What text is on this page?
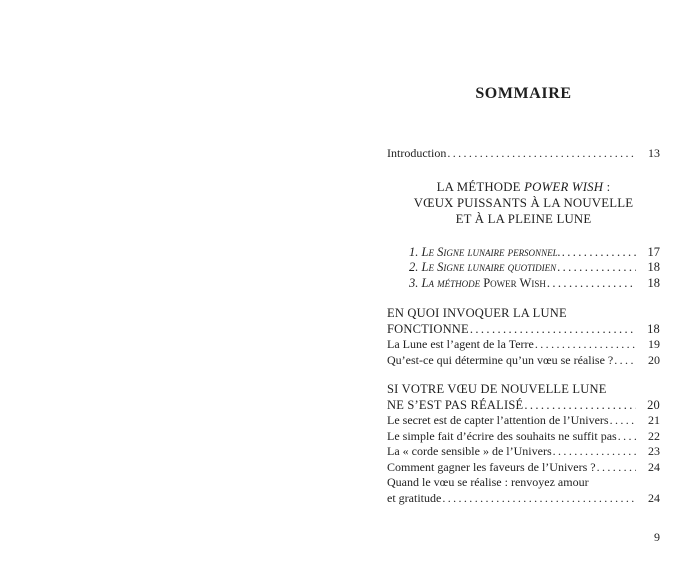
SOMMAIRE
Introduction .....	13
LA MÉTHODE POWER WISH :
VŒUX PUISSANTS À LA NOUVELLE
ET À LA PLEINE LUNE
1. Le Signe lunaire personnel. .....	17
2. Le Signe lunaire quotidien .....	18
3. La méthode Power Wish .....	18
EN QUOI INVOQUER LA LUNE
FONCTIONNE .....	18
La Lune est l’agent de la Terre .....	19
Qu’est-ce qui détermine qu’un vœu se réalise ? .....	20
SI VOTRE VŒU DE NOUVELLE LUNE
NE S’EST PAS RÉALISÉ .....	20
Le secret est de capter l’attention de l’Univers .....	21
Le simple fait d’écrire des souhaits ne suffit pas .....	22
La « corde sensible » de l’Univers .....	23
Comment gagner les faveurs de l’Univers ? .....	24
Quand le vœu se réalise : renvoyez amour
et gratitude .....	24
9
